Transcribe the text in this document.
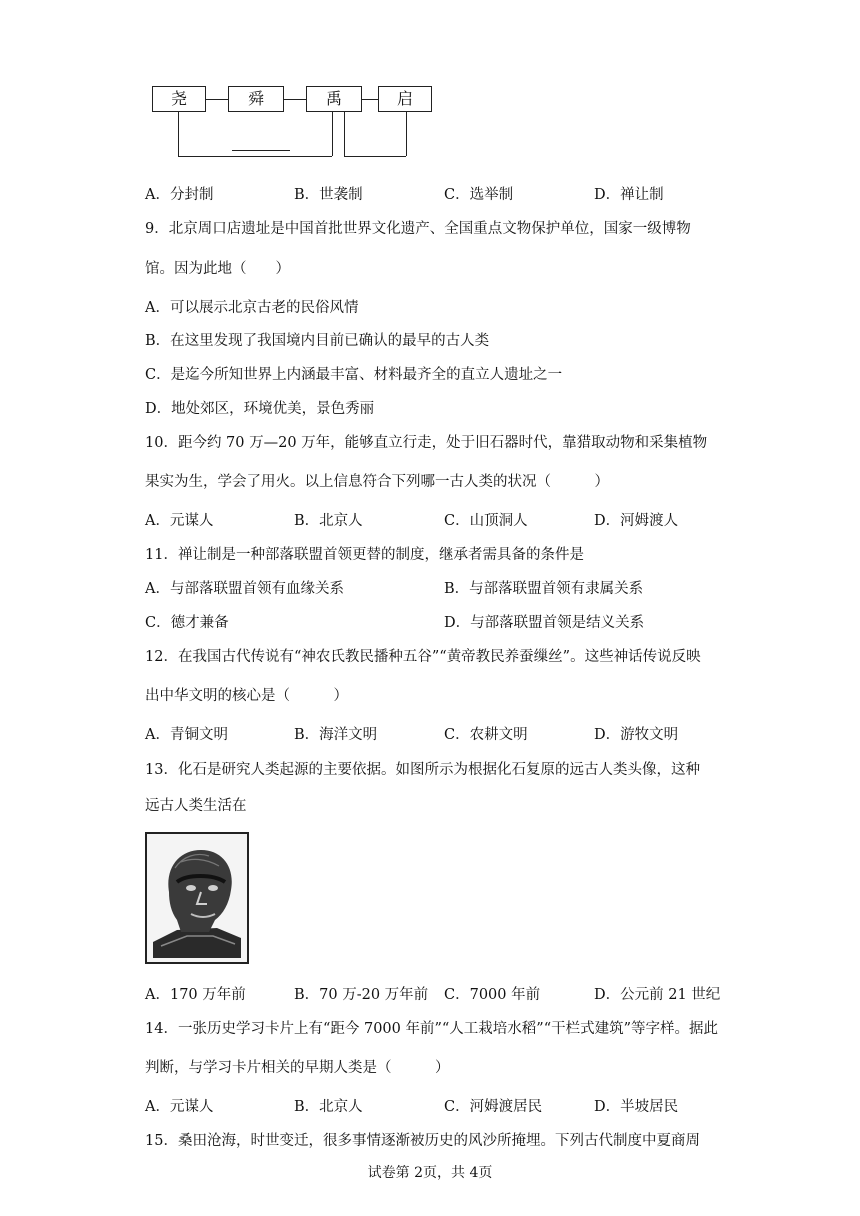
尧	舜	禹	启
A．分封制	B．世袭制	C．选举制	D．禅让制
9．北京周口店遗址是中国首批世界文化遗产、全国重点文物保护单位，国家一级博物
馆。因为此地（　　）
A．可以展示北京古老的民俗风情
B．在这里发现了我国境内目前已确认的最早的古人类
C．是迄今所知世界上内涵最丰富、材料最齐全的直立人遗址之一
D．地处郊区，环境优美，景色秀丽
10．距今约 70 万—20 万年，能够直立行走，处于旧石器时代，靠猎取动物和采集植物
果实为生，学会了用火。以上信息符合下列哪一古人类的状况（　　　）
A．元谋人	B．北京人	C．山顶洞人	D．河姆渡人
11．禅让制是一种部落联盟首领更替的制度，继承者需具备的条件是
A．与部落联盟首领有血缘关系	B．与部落联盟首领有隶属关系
C．德才兼备	D．与部落联盟首领是结义关系
12．在我国古代传说有“神农氏教民播种五谷”“黄帝教民养蚕缫丝”。这些神话传说反映
出中华文明的核心是（　　　）
A．青铜文明	B．海洋文明	C．农耕文明	D．游牧文明
13．化石是研究人类起源的主要依据。如图所示为根据化石复原的远古人类头像，这种
远古人类生活在
A．170 万年前	B．70 万-20 万年前 C．7000 年前	D．公元前 21 世纪
14．一张历史学习卡片上有“距今 7000 年前”“人工栽培水稻”“干栏式建筑”等字样。据此
判断，与学习卡片相关的早期人类是（　　　）
A．元谋人	B．北京人	C．河姆渡居民	D．半坡居民
15．桑田沧海，时世变迁，很多事情逐渐被历史的风沙所掩埋。下列古代制度中夏商周
试卷第 2页，共 4页
